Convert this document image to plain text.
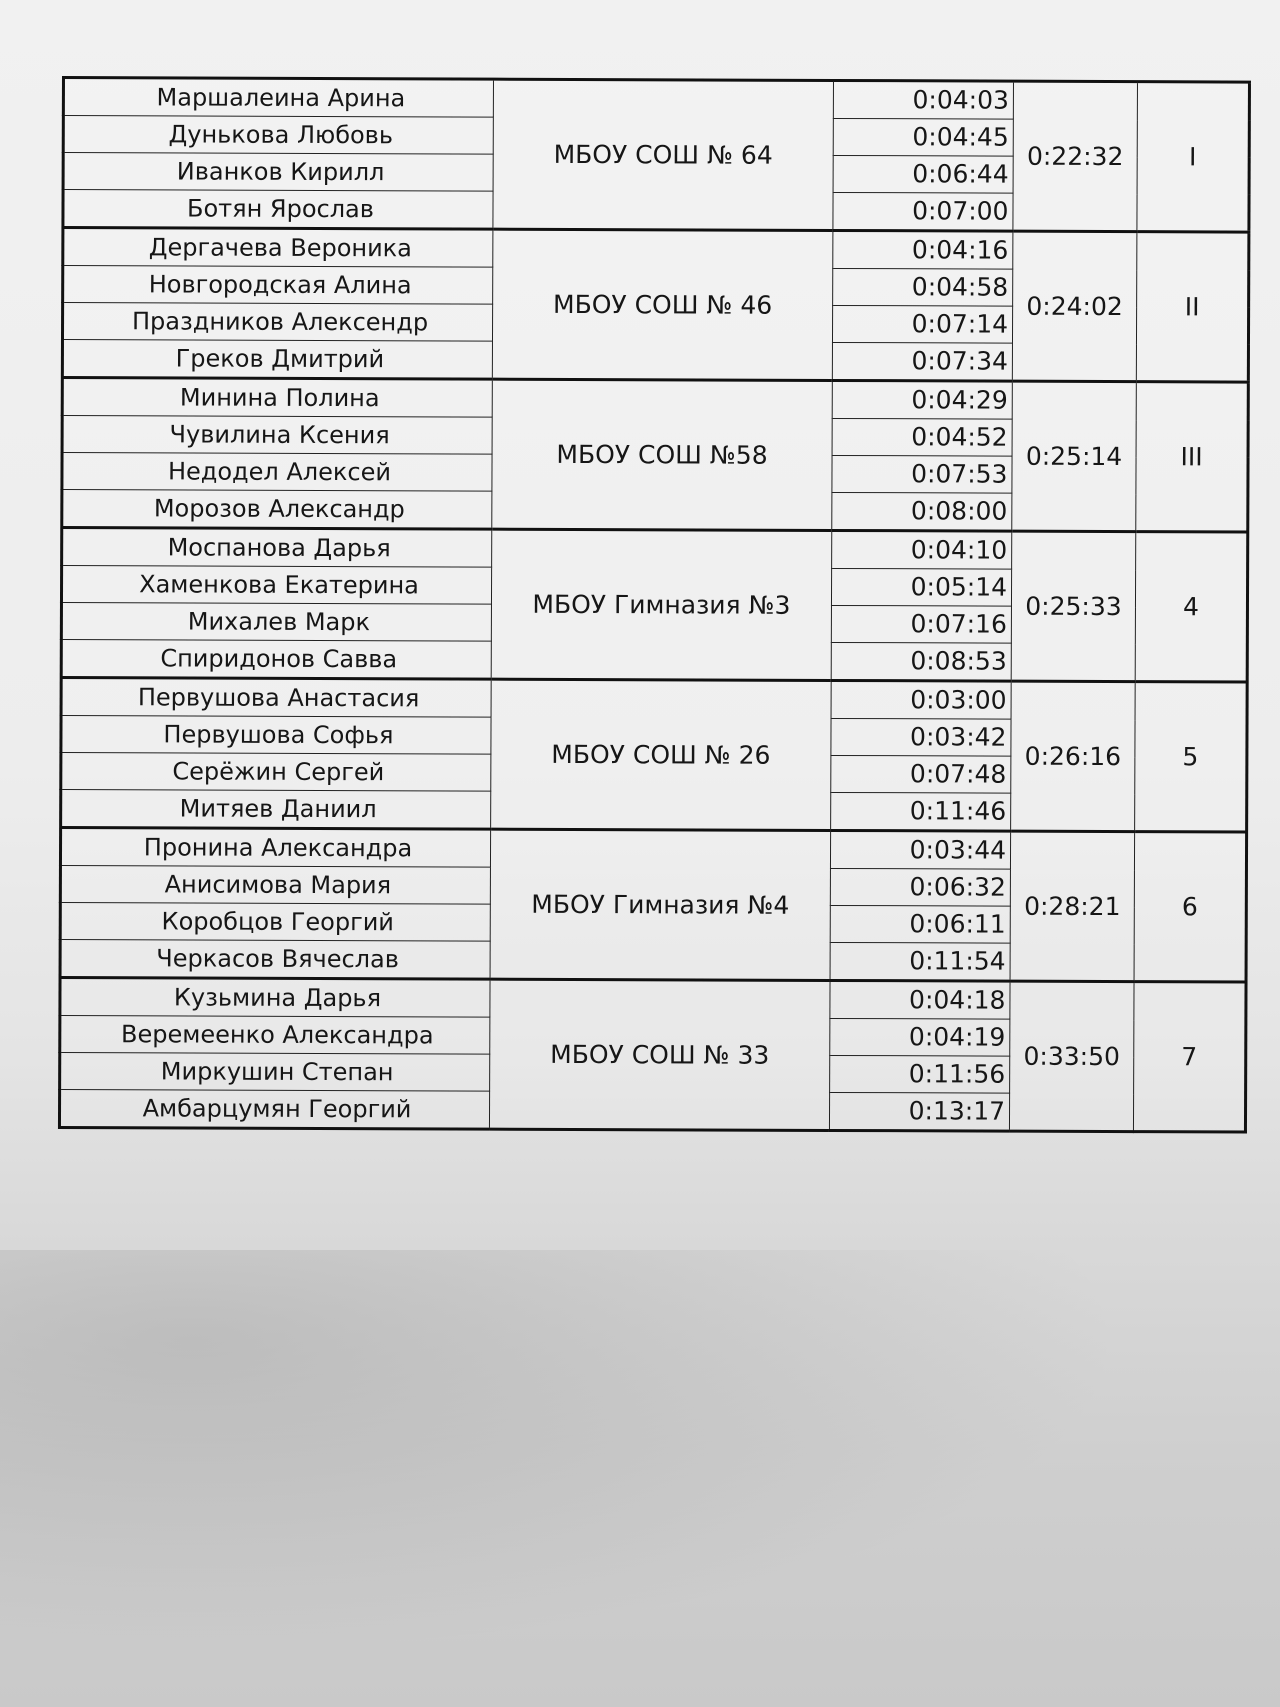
Маршалеина Арина	МБОУ СОШ № 64	0:04:03	0:22:32	I
Дунькова Любовь		0:04:45		
Иванков Кирилл		0:06:44		
Ботян Ярослав		0:07:00		
Дергачева Вероника	МБОУ СОШ № 46	0:04:16	0:24:02	II
Новгородская Алина		0:04:58		
Праздников Алексендр		0:07:14		
Греков Дмитрий		0:07:34		
Минина Полина	МБОУ СОШ №58	0:04:29	0:25:14	III
Чувилина Ксения		0:04:52		
Недодел Алексей		0:07:53		
Морозов Александр		0:08:00		
Моспанова Дарья	МБОУ Гимназия №3	0:04:10	0:25:33	4
Хаменкова Екатерина		0:05:14		
Михалев Марк		0:07:16		
Спиридонов Савва		0:08:53		
Первушова Анастасия	МБОУ СОШ № 26	0:03:00	0:26:16	5
Первушова Софья		0:03:42		
Серёжин Сергей		0:07:48		
Митяев Даниил		0:11:46		
Пронина Александра	МБОУ Гимназия №4	0:03:44	0:28:21	6
Анисимова Мария		0:06:32		
Коробцов Георгий		0:06:11		
Черкасов Вячеслав		0:11:54		
Кузьмина Дарья	МБОУ СОШ № 33	0:04:18	0:33:50	7
Веремеенко Александра		0:04:19		
Миркушин Степан		0:11:56		
Амбарцумян Георгий		0:13:17		
